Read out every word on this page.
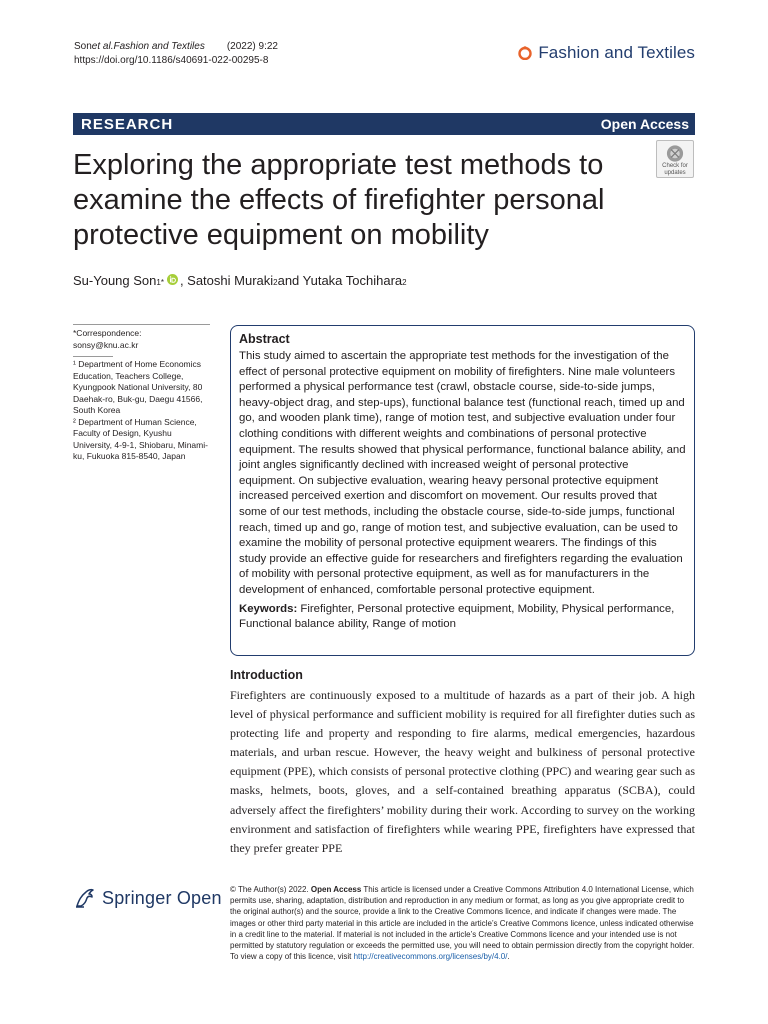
Son et al. Fashion and Textiles (2022) 9:22
https://doi.org/10.1186/s40691-022-00295-8	Fashion and Textiles
RESEARCH	Open Access
Exploring the appropriate test methods to examine the effects of firefighter personal protective equipment on mobility
Check for
updates
Su-Young Son 1* , Satoshi Muraki 2 and Yutaka Tochihara 2
*Correspondence:
sonsy@knu.ac.kr
¹ Department of Home Economics Education, Teachers College, Kyungpook National University, 80 Daehak-ro, Buk-gu, Daegu 41566, South Korea
² Department of Human Science, Faculty of Design, Kyushu University, 4-9-1, Shiobaru, Minami-ku, Fukuoka 815-8540, Japan
Abstract
This study aimed to ascertain the appropriate test methods for the investigation of the effect of personal protective equipment on mobility of firefighters. Nine male volunteers performed a physical performance test (crawl, obstacle course, side-to-side jumps, heavy-object drag, and step-ups), functional balance test (functional reach, timed up and go, and wooden plank time), range of motion test, and subjective evaluation under four clothing conditions with different weights and combinations of personal protective equipment. The results showed that physical performance, functional balance ability, and joint angles significantly declined with increased weight of personal protective equipment. On subjective evaluation, wearing heavy personal protective equipment increased perceived exertion and discomfort on movement. Our results proved that some of our test methods, including the obstacle course, side-to-side jumps, functional reach, timed up and go, range of motion test, and subjective evaluation, can be used to examine the mobility of personal protective equipment wearers. The findings of this study provide an effective guide for researchers and firefighters regarding the evaluation of mobility with personal protective equipment, as well as for manufacturers in the development of enhanced, comfortable personal protective equipment.
Keywords: Firefighter, Personal protective equipment, Mobility, Physical performance, Functional balance ability, Range of motion
Introduction
Firefighters are continuously exposed to a multitude of hazards as a part of their job. A high level of physical performance and sufficient mobility is required for all firefighter duties such as protecting life and property and responding to fire alarms, medical emergencies, hazardous materials, and urban rescue. However, the heavy weight and bulkiness of personal protective equipment (PPE), which consists of personal protective clothing (PPC) and wearing gear such as masks, helmets, boots, gloves, and a self-contained breathing apparatus (SCBA), could adversely affect the firefighters’ mobility during their work. According to survey on the working environment and satisfaction of firefighters while wearing PPE, firefighters have expressed that they prefer greater PPE
Springer Open © The Author(s) 2022. Open Access This article is licensed under a Creative Commons Attribution 4.0 International License, which permits use, sharing, adaptation, distribution and reproduction in any medium or format, as long as you give appropriate credit to the original author(s) and the source, provide a link to the Creative Commons licence, and indicate if changes were made. The images or other third party material in this article are included in the article’s Creative Commons licence, unless indicated otherwise in a credit line to the material. If material is not included in the article’s Creative Commons licence and your intended use is not permitted by statutory regulation or exceeds the permitted use, you will need to obtain permission directly from the copyright holder. To view a copy of this licence, visit http://creativecommons.org/licenses/by/4.0/.
